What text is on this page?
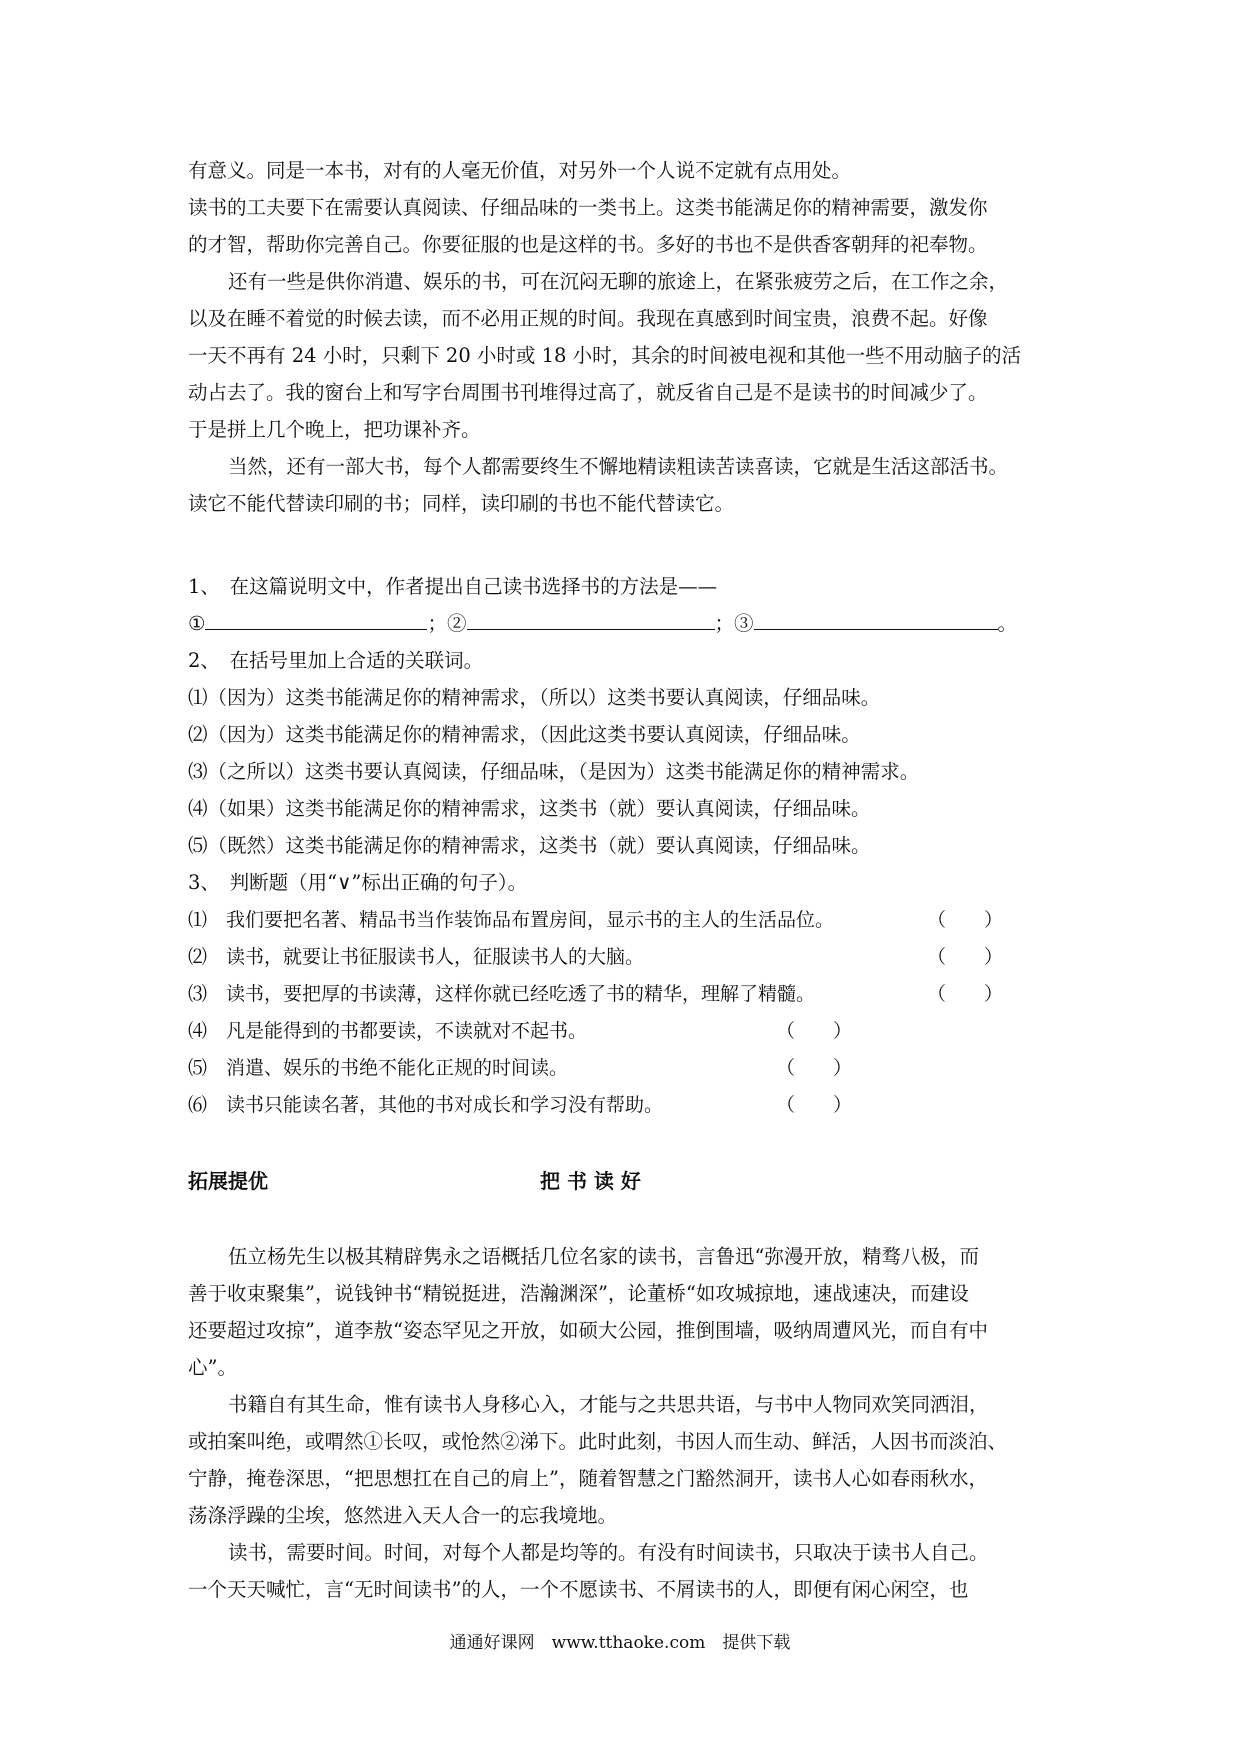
有意义。同是一本书，对有的人毫无价值，对另外一个人说不定就有点用处。
读书的工夫要下在需要认真阅读、仔细品味的一类书上。这类书能满足你的精神需要，激发你
的才智，帮助你完善自己。你要征服的也是这样的书。多好的书也不是供香客朝拜的祀奉物。
还有一些是供你消遣、娱乐的书，可在沉闷无聊的旅途上，在紧张疲劳之后，在工作之余，
以及在睡不着觉的时候去读，而不必用正规的时间。我现在真感到时间宝贵，浪费不起。好像
一天不再有 24 小时，只剩下 20 小时或 18 小时，其余的时间被电视和其他一些不用动脑子的活
动占去了。我的窗台上和写字台周围书刊堆得过高了，就反省自己是不是读书的时间减少了。
于是拼上几个晚上，把功课补齐。
当然，还有一部大书，每个人都需要终生不懈地精读粗读苦读喜读，它就是生活这部活书。
读它不能代替读印刷的书；同样，读印刷的书也不能代替读它。
1、　在这篇说明文中，作者提出自己读书选择书的方法是——
①	；②	；③	。
2、　在括号里加上合适的关联词。
⑴（因为）这类书能满足你的精神需求，（所以）这类书要认真阅读，仔细品味。
⑵（因为）这类书能满足你的精神需求，（因此这类书要认真阅读，仔细品味。
⑶（之所以）这类书要认真阅读，仔细品味，（是因为）这类书能满足你的精神需求。
⑷（如果）这类书能满足你的精神需求，这类书（就）要认真阅读，仔细品味。
⑸（既然）这类书能满足你的精神需求，这类书（就）要认真阅读，仔细品味。
3、　判断题（用“∨”标出正确的句子）。
⑴　 我们要把名著、精品书当作装饰品布置房间，显示书的主人的生活品位。	（　　）
⑵　 读书，就要让书征服读书人，征服读书人的大脑。	（　　）
⑶　 读书，要把厚的书读薄，这样你就已经吃透了书的精华，理解了精髓。	（　　）
⑷　 凡是能得到的书都要读，不读就对不起书。	（　　）
⑸　 消遣、娱乐的书绝不能化正规的时间读。	（　　）
⑹　 读书只能读名著，其他的书对成长和学习没有帮助。	（　　）
拓展提优	把 书 读 好
伍立杨先生以极其精辟隽永之语概括几位名家的读书，言鲁迅“弥漫开放，精骛八极，而
善于收束聚集”，说钱钟书“精锐挺进，浩瀚渊深”，论董桥“如攻城掠地，速战速决，而建设
还要超过攻掠”，道李敖“姿态罕见之开放，如硕大公园，推倒围墙，吸纳周遭风光，而自有中
心”。
书籍自有其生命，惟有读书人身移心入，才能与之共思共语，与书中人物同欢笑同洒泪，
或拍案叫绝，或喟然①长叹，或怆然②涕下。此时此刻，书因人而生动、鲜活，人因书而淡泊、
宁静，掩卷深思，“把思想扛在自己的肩上”，随着智慧之门豁然洞开，读书人心如春雨秋水，
荡涤浮躁的尘埃，悠然进入天人合一的忘我境地。
读书，需要时间。时间，对每个人都是均等的。有没有时间读书，只取决于读书人自己。
一个天天喊忙，言“无时间读书”的人，一个不愿读书、不屑读书的人，即便有闲心闲空，也
通通好课网　www.tthaoke.com　提供下载
